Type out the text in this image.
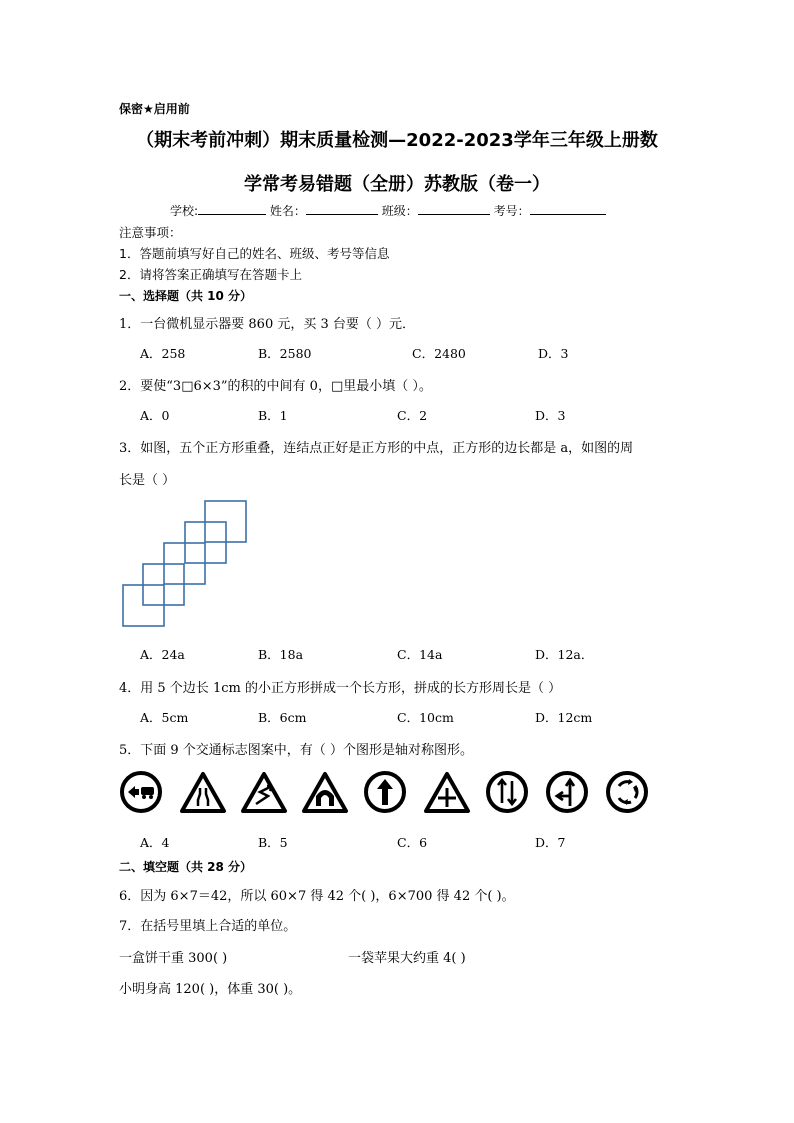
保密★启用前
（期末考前冲刺）期末质量检测—2022-2023学年三年级上册数
学常考易错题（全册）苏教版（卷一）
学校:	姓名：	班级：	考号：
注意事项：
1．答题前填写好自己的姓名、班级、考号等信息
2．请将答案正确填写在答题卡上
一、选择题（共 10 分）
1．一台微机显示器要 860 元，买 3 台要（ ）元．
A．258	B．2580	C．2480	D．3
2．要使“3□6×3”的积的中间有 0，□里最小填（ ）。
A．0	B．1	C．2	D．3
3．如图，五个正方形重叠，连结点正好是正方形的中点，正方形的边长都是 a，如图的周
长是（ ）
A．24a	B．18a	C．14a	D．12a．
4．用 5 个边长 1cm 的小正方形拼成一个长方形，拼成的长方形周长是（ ）
A．5cm	B．6cm	C．10cm	D．12cm
5．下面 9 个交通标志图案中，有（ ）个图形是轴对称图形。
A．4	B．5	C．6	D．7
二、填空题（共 28 分）
6．因为 6×7＝42，所以 60×7 得 42 个( )，6×700 得 42 个( )。
7．在括号里填上合适的单位。
一盒饼干重 300( )	一袋苹果大约重 4( )
小明身高 120( )，体重 30( )。
